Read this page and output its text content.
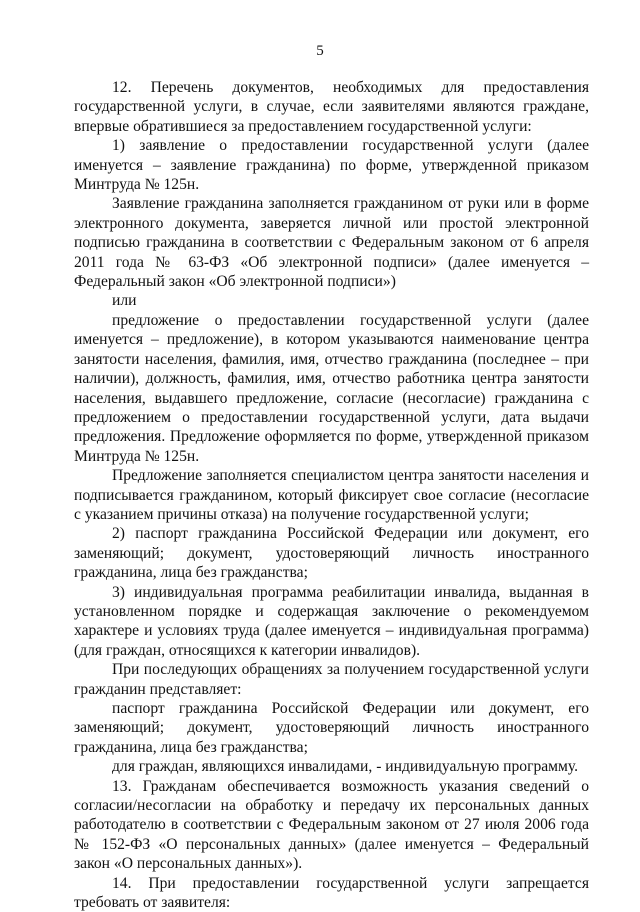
5

12. Перечень документов, необходимых для предоставления государственной услуги, в случае, если заявителями являются граждане, впервые обратившиеся за предоставлением государственной услуги:

1) заявление о предоставлении государственной услуги (далее именуется – заявление гражданина) по форме, утвержденной приказом Минтруда № 125н.

Заявление гражданина заполняется гражданином от руки или в форме электронного документа, заверяется личной или простой электронной подписью гражданина в соответствии с Федеральным законом от 6 апреля 2011 года № 63-ФЗ «Об электронной подписи» (далее именуется – Федеральный закон «Об электронной подписи»)

или

предложение о предоставлении государственной услуги (далее именуется – предложение), в котором указываются наименование центра занятости населения, фамилия, имя, отчество гражданина (последнее – при наличии), должность, фамилия, имя, отчество работника центра занятости населения, выдавшего предложение, согласие (несогласие) гражданина с предложением о предоставлении государственной услуги, дата выдачи предложения. Предложение оформляется по форме, утвержденной приказом Минтруда № 125н.

Предложение заполняется специалистом центра занятости населения и подписывается гражданином, который фиксирует свое согласие (несогласие с указанием причины отказа) на получение государственной услуги;

2) паспорт гражданина Российской Федерации или документ, его заменяющий; документ, удостоверяющий личность иностранного гражданина, лица без гражданства;

3) индивидуальная программа реабилитации инвалида, выданная в установленном порядке и содержащая заключение о рекомендуемом характере и условиях труда (далее именуется – индивидуальная программа) (для граждан, относящихся к категории инвалидов).

При последующих обращениях за получением государственной услуги гражданин представляет:

паспорт гражданина Российской Федерации или документ, его заменяющий; документ, удостоверяющий личность иностранного гражданина, лица без гражданства;

для граждан, являющихся инвалидами, - индивидуальную программу.

13. Гражданам обеспечивается возможность указания сведений о согласии/несогласии на обработку и передачу их персональных данных работодателю в соответствии с Федеральным законом от 27 июля 2006 года № 152-ФЗ «О персональных данных» (далее именуется – Федеральный закон «О персональных данных»).

14. При предоставлении государственной услуги запрещается требовать от заявителя:
